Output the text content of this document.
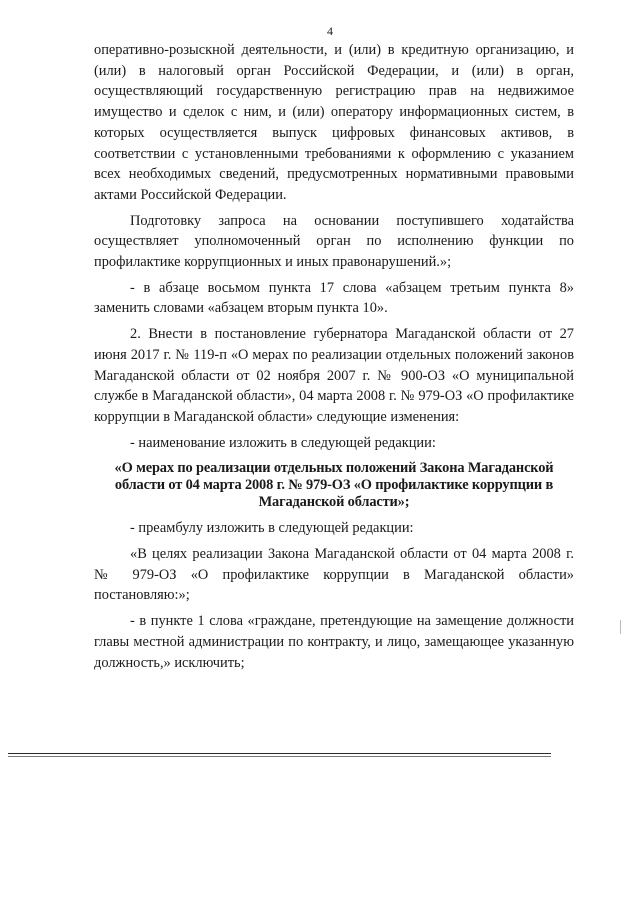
4

оперативно-розыскной деятельности, и (или) в кредитную организацию, и (или) в налоговый орган Российской Федерации, и (или) в орган, осуществляющий государственную регистрацию прав на недвижимое имущество и сделок с ним, и (или) оператору информационных систем, в которых осуществляется выпуск цифровых финансовых активов, в соответствии с установленными требованиями к оформлению с указанием всех необходимых сведений, предусмотренных нормативными правовыми актами Российской Федерации.

Подготовку запроса на основании поступившего ходатайства осуществляет уполномоченный орган по исполнению функции по профилактике коррупционных и иных правонарушений.»;

- в абзаце восьмом пункта 17 слова «абзацем третьим пункта 8» заменить словами «абзацем вторым пункта 10».

2. Внести в постановление губернатора Магаданской области от 27 июня 2017 г. № 119-п «О мерах по реализации отдельных положений законов Магаданской области от 02 ноября 2007 г. № 900-ОЗ «О муниципальной службе в Магаданской области», 04 марта 2008 г. № 979-ОЗ «О профилактике коррупции в Магаданской области» следующие изменения:

- наименование изложить в следующей редакции:

«О мерах по реализации отдельных положений Закона Магаданской области от 04 марта 2008 г. № 979-ОЗ «О профилактике коррупции в Магаданской области»;

- преамбулу изложить в следующей редакции:

«В целях реализации Закона Магаданской области от 04 марта 2008 г. № 979-ОЗ «О профилактике коррупции в Магаданской области» постановляю:»;

- в пункте 1 слова «граждане, претендующие на замещение должности главы местной администрации по контракту, и лицо, замещающее указанную должность,» исключить;
